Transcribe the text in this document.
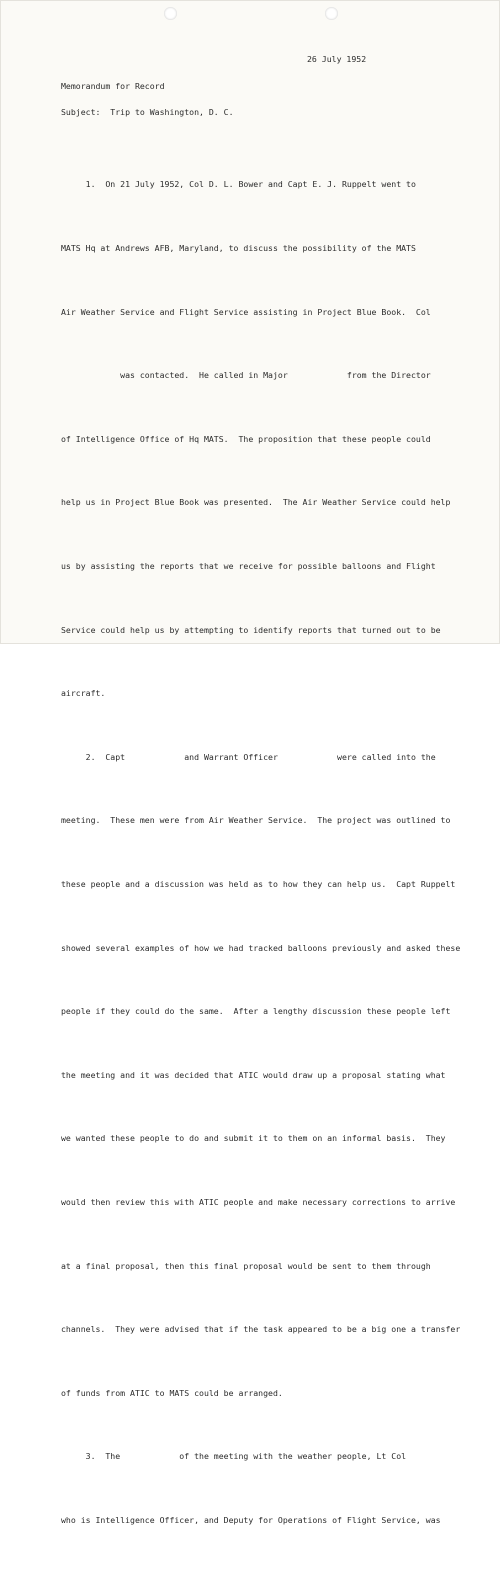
26 July 1952
Memorandum for Record
Subject:  Trip to Washington, D. C.

1.  On 21 July 1952, Col D. L. Bower and Capt E. J. Ruppelt went to

MATS Hq at Andrews AFB, Maryland, to discuss the possibility of the MATS

Air Weather Service and Flight Service assisting in Project Blue Book.  Col

was contacted.  He called in Major            from the Director

of Intelligence Office of Hq MATS.  The proposition that these people could

help us in Project Blue Book was presented.  The Air Weather Service could help

us by assisting the reports that we receive for possible balloons and Flight

Service could help us by attempting to identify reports that turned out to be

aircraft.

2.  Capt            and Warrant Officer            were called into the

meeting.  These men were from Air Weather Service.  The project was outlined to

these people and a discussion was held as to how they can help us.  Capt Ruppelt

showed several examples of how we had tracked balloons previously and asked these

people if they could do the same.  After a lengthy discussion these people left

the meeting and it was decided that ATIC would draw up a proposal stating what

we wanted these people to do and submit it to them on an informal basis.  They

would then review this with ATIC people and make necessary corrections to arrive

at a final proposal, then this final proposal would be sent to them through

channels.  They were advised that if the task appeared to be a big one a transfer

of funds from ATIC to MATS could be arranged.

3.  The            of the meeting with the weather people, Lt Col

who is Intelligence Officer, and Deputy for Operations of Flight Service, was
